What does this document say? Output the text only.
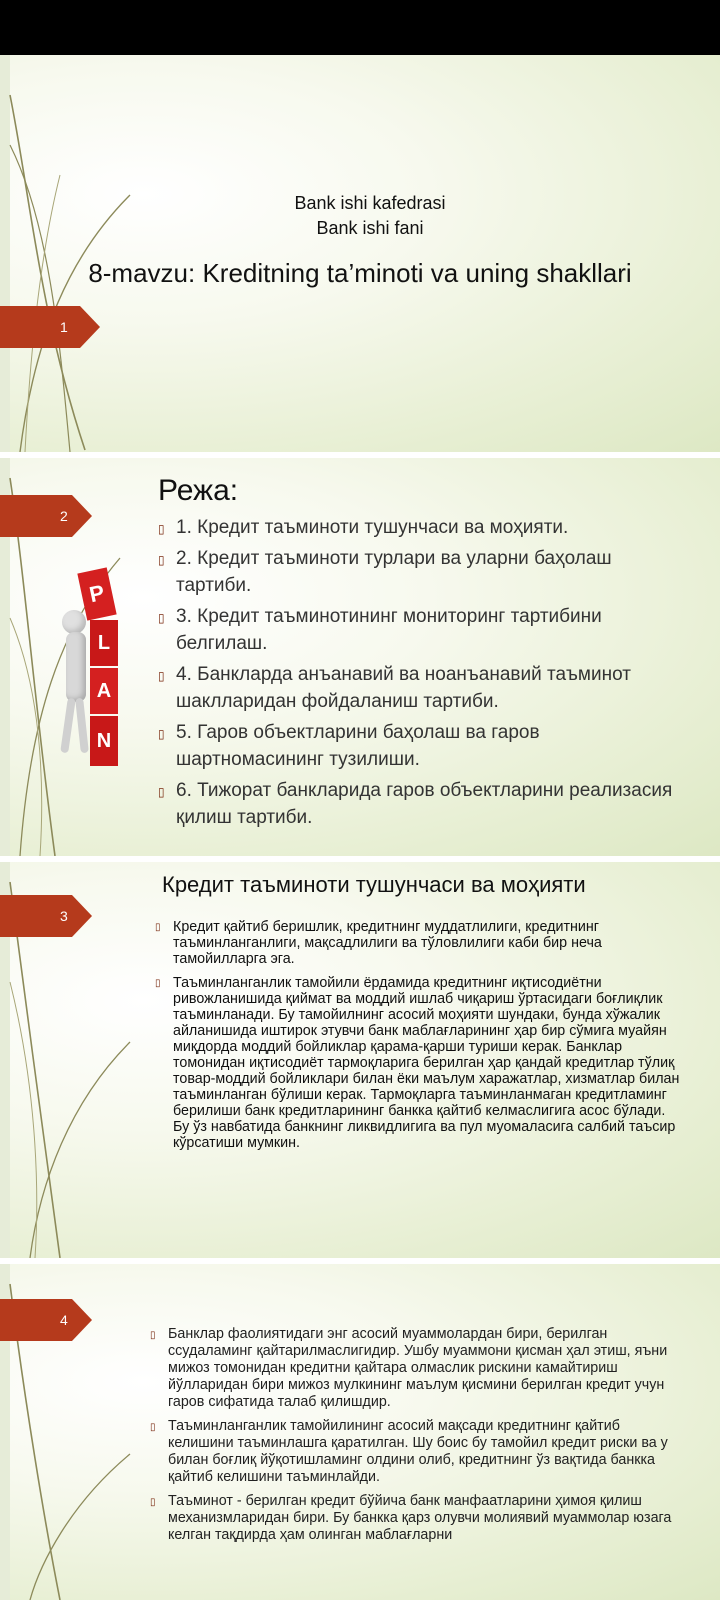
1
Bank ishi kafedrasi
Bank ishi fani
8-mavzu: Kreditning ta’minoti va uning shakllari
2
P
L
A
N
Режа:
▯ 1. Кредит таъминоти тушунчаси ва моҳияти.
▯ 2. Кредит таъминоти турлари ва уларни баҳолаш тартиби.
▯ 3. Кредит таъминотининг мониторинг тартибини белгилаш.
▯ 4. Банкларда анъанавий ва ноанъанавий таъминот шаклларидан фойдаланиш тартиби.
▯ 5. Гаров объектларини баҳолаш ва гаров шартномасининг тузилиши.
▯ 6. Тижорат банкларида гаров объектларини реализасия қилиш тартиби.
3
Кредит таъминоти тушунчаси ва моҳияти
▯ Кредит қайтиб беришлик, кредитнинг муддатлилиги, кредитнинг таъминланганлиги, мақсадлилиги ва тўловлилиги каби бир неча тамойилларга эга.
▯ Таъминланганлик тамойили ёрдамида кредитнинг иқтисодиётни ривожланишида қиймат ва моддий ишлаб чиқариш ўртасидаги боғлиқлик таъминланади. Бу тамойилнинг асосий моҳияти шундаки, бунда хўжалик айланишида иштирок этувчи банк маблағларининг ҳар бир сўмига муайян миқдорда моддий бойликлар қарама-қарши туриши керак. Банклар томонидан иқтисодиёт тармоқларига берилган ҳар қандай кредитлар тўлиқ товар-моддий бойликлари билан ёки маълум харажатлар, хизматлар билан таъминланган бўлиши керак. Тармоқларга таъминланмаган кредитламинг берилиши банк кредитларининг банкка қайтиб келмаслигига асос бўлади. Бу ўз навбатида банкнинг ликвидлигига ва пул муомаласига салбий таъсир кўрсатиши мумкин.
4
▯ Банклар фаолиятидаги энг асосий муаммолардан бири, берилган ссудаламинг қайтарилмаслигидир. Ушбу муаммони қисман ҳал этиш, яъни мижоз томонидан кредитни қайтара олмаслик рискини камайтириш йўлларидан бири мижоз мулкининг маълум қисмини берилган кредит учун гаров сифатида талаб қилишдир.
▯ Таъминланганлик тамойилининг асосий мақсади кредитнинг қайтиб келишини таъминлашга қаратилган. Шу боис бу тамойил кредит риски ва у билан боғлиқ йўқотишламинг олдини олиб, кредитнинг ўз вақтида банкка қайтиб келишини таъминлайди.
▯ Таъминот - берилган кредит бўйича банк манфаатларини ҳимоя қилиш механизмларидан бири. Бу банкка қарз олувчи молиявий муаммолар юзага келган тақдирда ҳам олинган маблағларни
